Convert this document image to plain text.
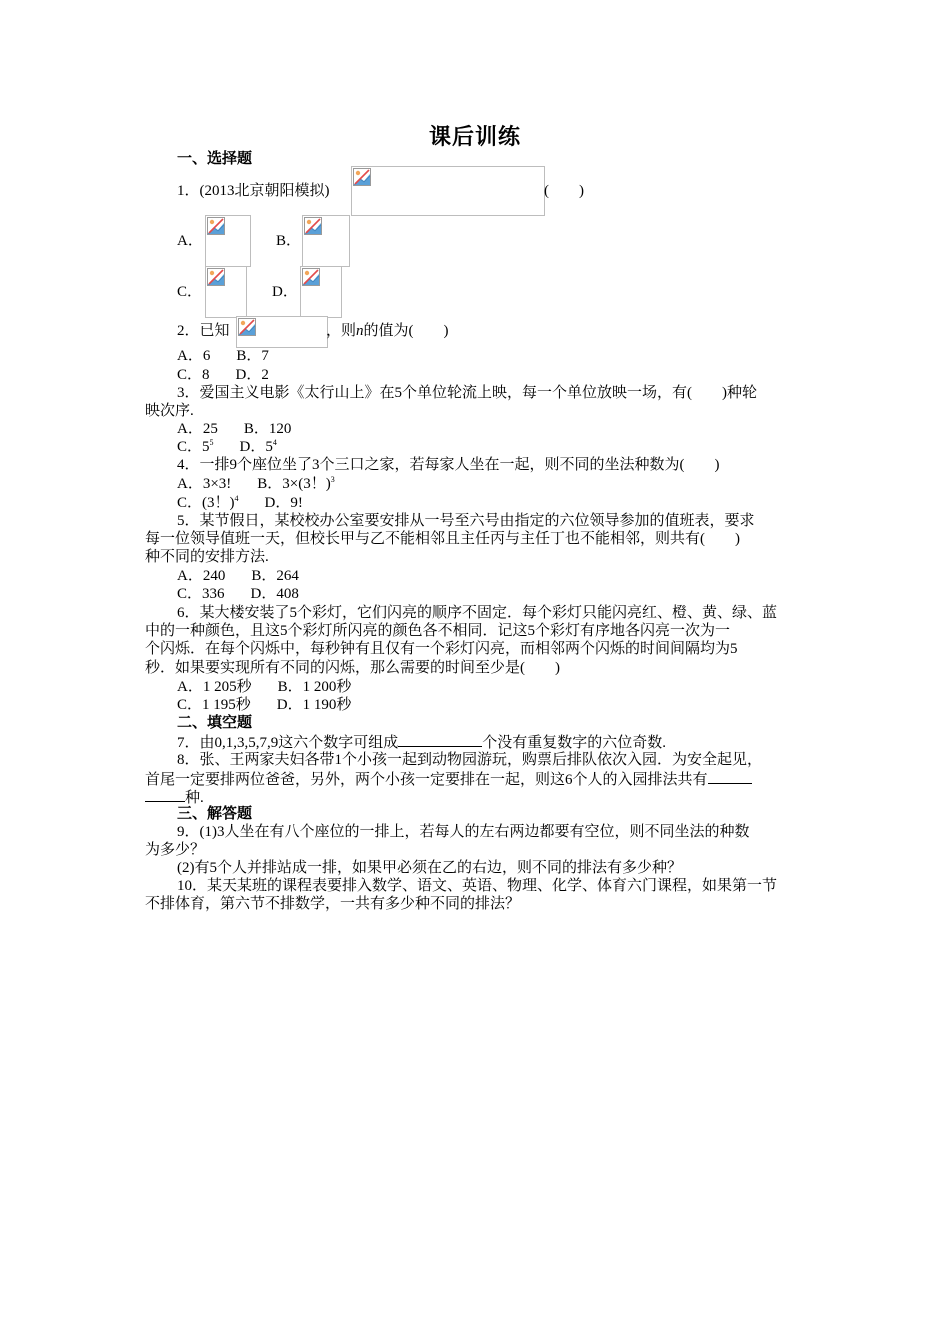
课后训练
一、选择题
1．(2013北京朝阳模拟)	(　　)
A．	B．
C．	D．
2．已知	，则n的值为(　　)
A．6 B．7
C．8 D．2
3．爱国主义电影《太行山上》在5个单位轮流上映，每一个单位放映一场，有(　　)种轮
映次序.
A．25 B．120
C．$5^5$ D．$5^4$
4．一排9个座位坐了3个三口之家，若每家人坐在一起，则不同的坐法种数为(　　)
A．3×3! B．3×(3！)$^3$
C．(3！)$^4$ D．9!
5．某节假日，某校校办公室要安排从一号至六号由指定的六位领导参加的值班表，要求
每一位领导值班一天，但校长甲与乙不能相邻且主任丙与主任丁也不能相邻，则共有(　　)
种不同的安排方法.
A．240 B．264
C．336 D．408
6．某大楼安装了5个彩灯，它们闪亮的顺序不固定．每个彩灯只能闪亮红、橙、黄、绿、蓝
中的一种颜色，且这5个彩灯所闪亮的颜色各不相同．记这5个彩灯有序地各闪亮一次为一
个闪烁．在每个闪烁中，每秒钟有且仅有一个彩灯闪亮，而相邻两个闪烁的时间间隔均为5
秒．如果要实现所有不同的闪烁，那么需要的时间至少是(　　)
A．1 205秒 B．1 200秒
C．1 195秒 D．1 190秒
二、填空题
7．由0,1,3,5,7,9这六个数字可组成	个没有重复数字的六位奇数.
8．张、王两家夫妇各带1个小孩一起到动物园游玩，购票后排队依次入园．为安全起见，
首尾一定要排两位爸爸，另外，两个小孩一定要排在一起，则这6个人的入园排法共有
种.
三、解答题
9．(1)3人坐在有八个座位的一排上，若每人的左右两边都要有空位，则不同坐法的种数
为多少？
(2)有5个人并排站成一排，如果甲必须在乙的右边，则不同的排法有多少种？
10．某天某班的课程表要排入数学、语文、英语、物理、化学、体育六门课程，如果第一节
不排体育，第六节不排数学，一共有多少种不同的排法？
